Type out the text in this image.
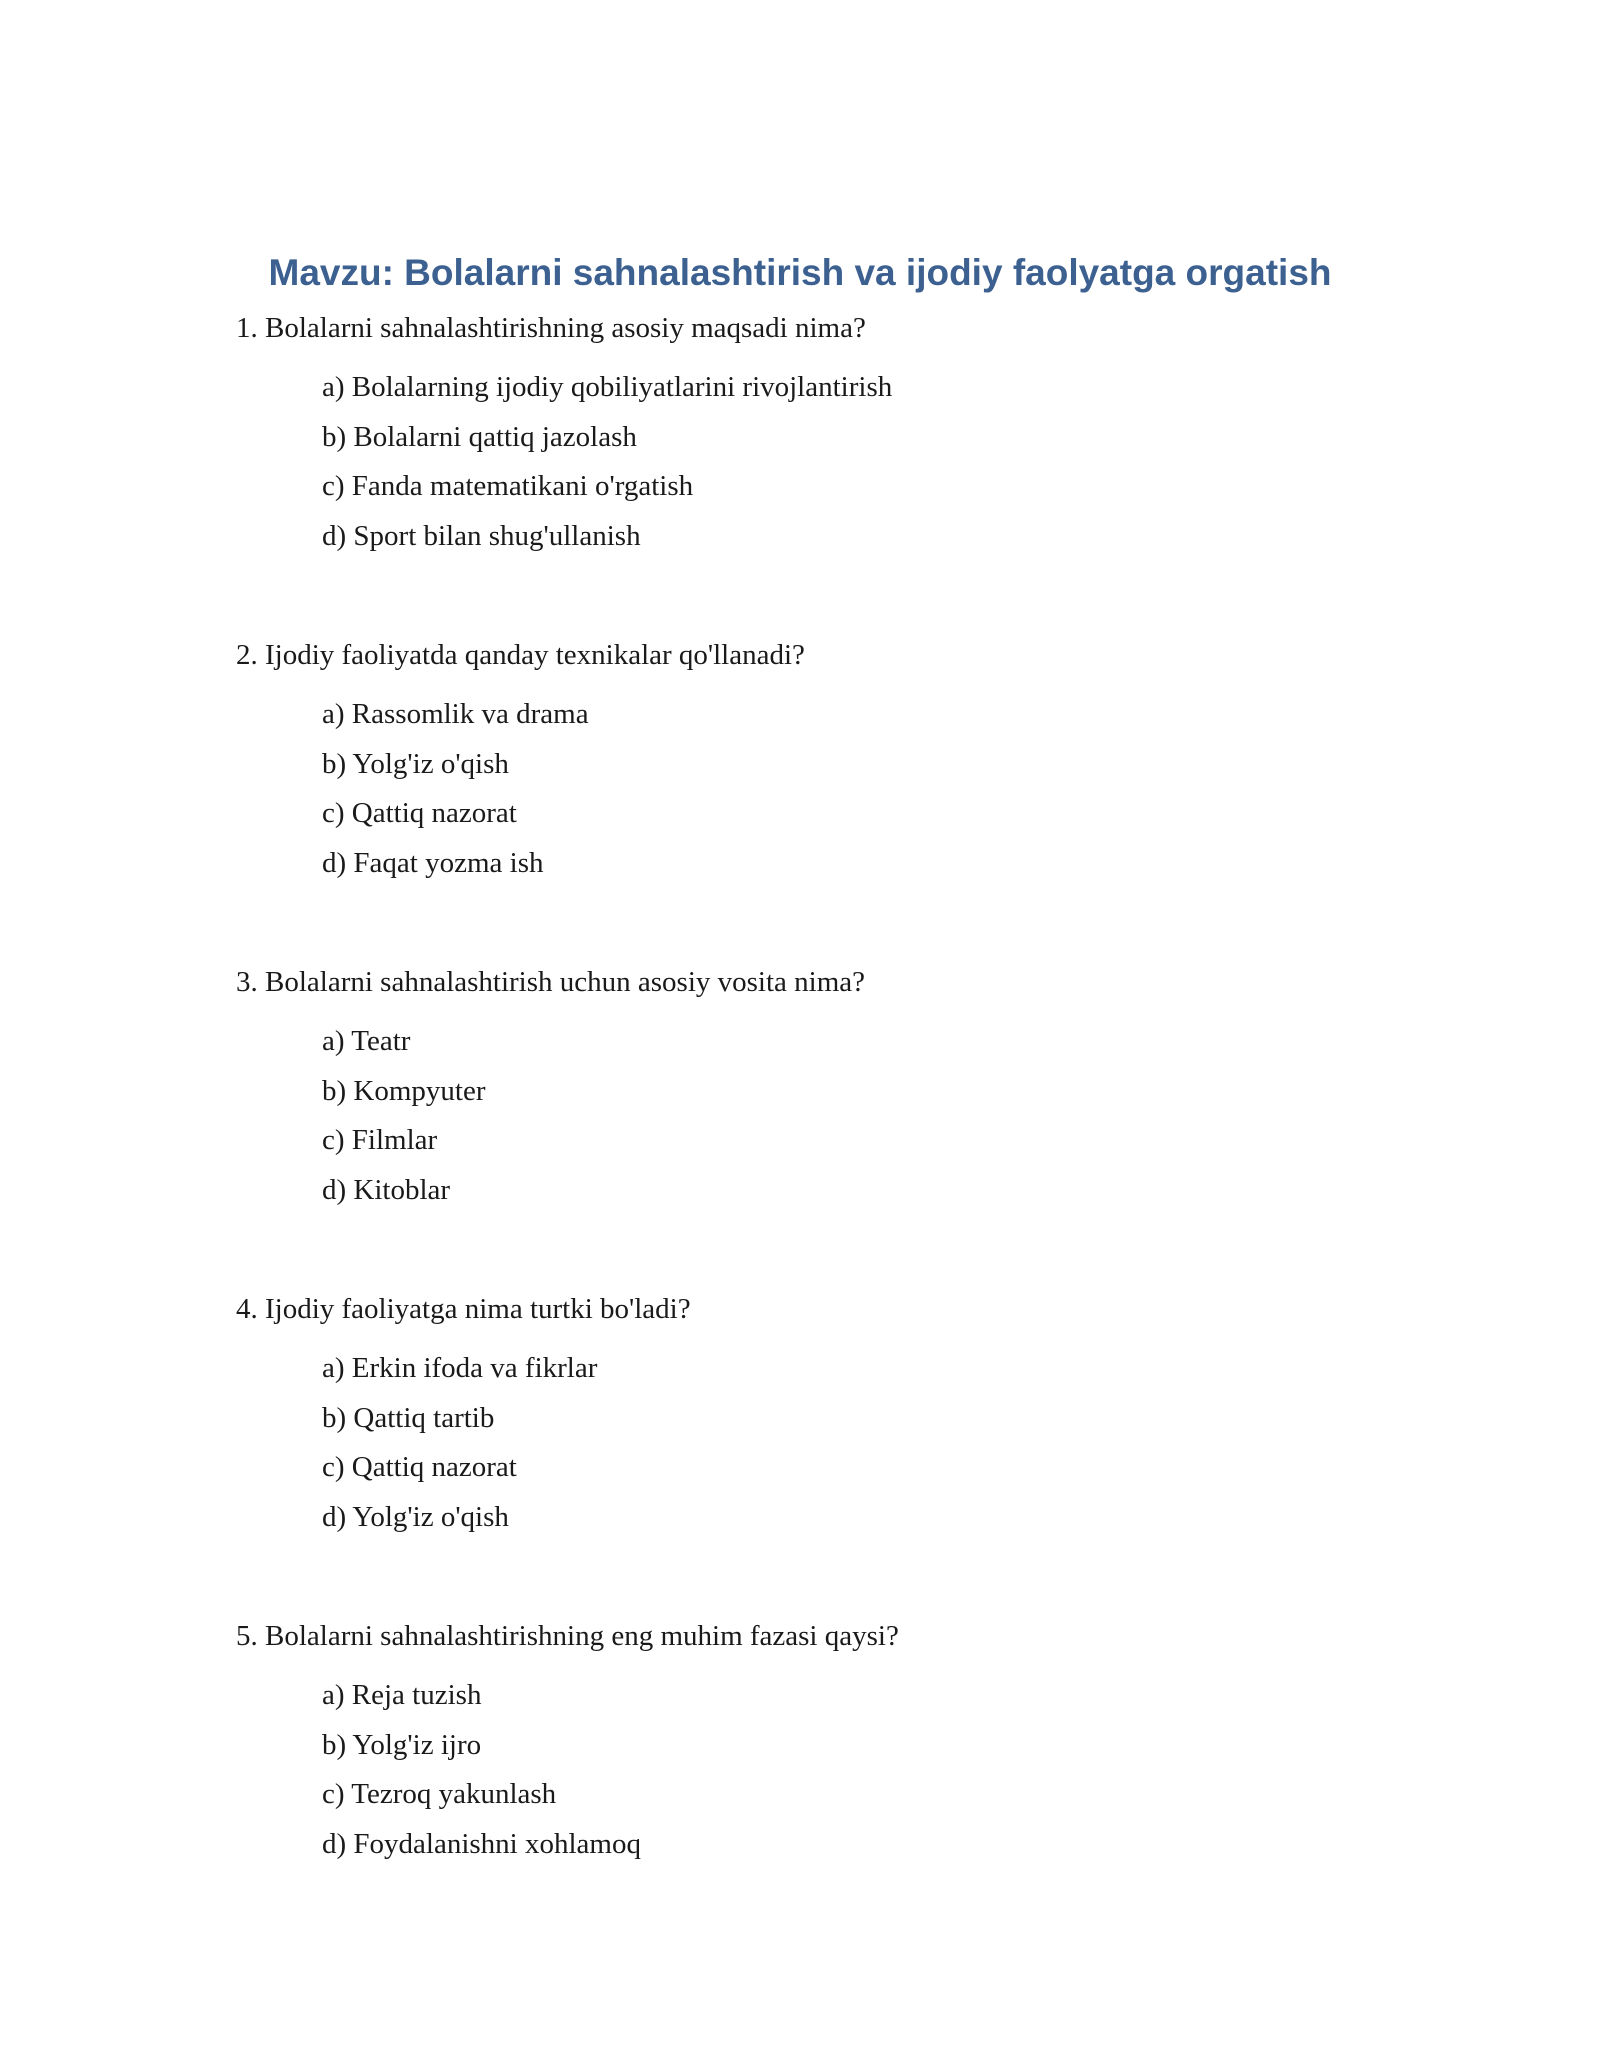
Mavzu: Bolalarni sahnalashtirish va ijodiy faolyatga orgatish

1. Bolalarni sahnalashtirishning asosiy maqsadi nima?

a) Bolalarning ijodiy qobiliyatlarini rivojlantirish
b) Bolalarni qattiq jazolash
c) Fanda matematikani o'rgatish
d) Sport bilan shug'ullanish

2. Ijodiy faoliyatda qanday texnikalar qo'llanadi?

a) Rassomlik va drama
b) Yolg'iz o'qish
c) Qattiq nazorat
d) Faqat yozma ish

3. Bolalarni sahnalashtirish uchun asosiy vosita nima?

a) Teatr
b) Kompyuter
c) Filmlar
d) Kitoblar

4. Ijodiy faoliyatga nima turtki bo'ladi?

a) Erkin ifoda va fikrlar
b) Qattiq tartib
c) Qattiq nazorat
d) Yolg'iz o'qish

5. Bolalarni sahnalashtirishning eng muhim fazasi qaysi?

a) Reja tuzish
b) Yolg'iz ijro
c) Tezroq yakunlash
d) Foydalanishni xohlamoq
